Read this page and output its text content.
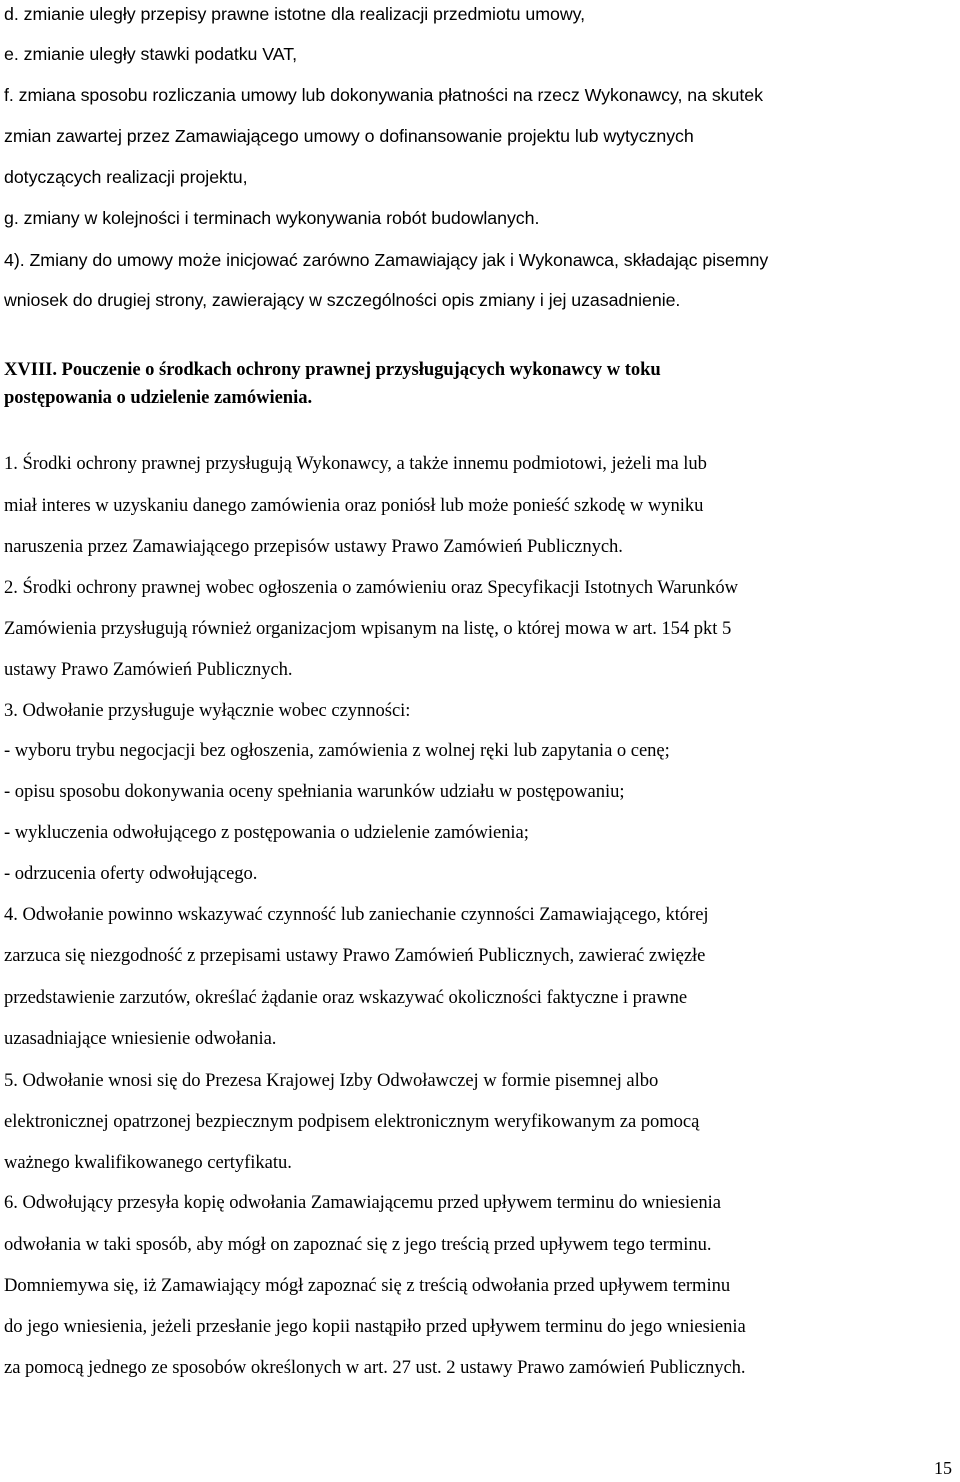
d. zmianie uległy przepisy prawne istotne dla realizacji przedmiotu umowy,
e. zmianie uległy stawki podatku VAT,
f. zmiana sposobu rozliczania umowy lub dokonywania płatności na rzecz Wykonawcy, na skutek
zmian zawartej przez Zamawiającego umowy o dofinansowanie projektu lub wytycznych
dotyczących realizacji projektu,
g. zmiany w kolejności i terminach wykonywania robót budowlanych.
4). Zmiany do umowy może inicjować zarówno Zamawiający jak i Wykonawca, składając pisemny
wniosek do drugiej strony, zawierający w szczególności opis zmiany i jej uzasadnienie.
XVIII. Pouczenie o środkach ochrony prawnej przysługujących wykonawcy w toku
postępowania o udzielenie zamówienia.
1. Środki ochrony prawnej przysługują Wykonawcy, a także innemu podmiotowi, jeżeli ma lub
miał interes w uzyskaniu danego zamówienia oraz poniósł lub może ponieść szkodę w wyniku
naruszenia przez Zamawiającego przepisów ustawy Prawo Zamówień Publicznych.
2. Środki ochrony prawnej wobec ogłoszenia o zamówieniu oraz Specyfikacji Istotnych Warunków
Zamówienia przysługują również organizacjom wpisanym na listę, o której mowa w art. 154 pkt 5
ustawy Prawo Zamówień Publicznych.
3. Odwołanie przysługuje wyłącznie wobec czynności:
- wyboru trybu negocjacji bez ogłoszenia, zamówienia z wolnej ręki lub zapytania o cenę;
- opisu sposobu dokonywania oceny spełniania warunków udziału w postępowaniu;
- wykluczenia odwołującego z postępowania o udzielenie zamówienia;
- odrzucenia oferty odwołującego.
4. Odwołanie powinno wskazywać czynność lub zaniechanie czynności Zamawiającego, której
zarzuca się niezgodność z przepisami ustawy Prawo Zamówień Publicznych, zawierać zwięzłe
przedstawienie zarzutów, określać żądanie oraz wskazywać okoliczności faktyczne i prawne
uzasadniające wniesienie odwołania.
5. Odwołanie wnosi się do Prezesa Krajowej Izby Odwoławczej w formie pisemnej albo
elektronicznej opatrzonej bezpiecznym podpisem elektronicznym weryfikowanym za pomocą
ważnego kwalifikowanego certyfikatu.
6. Odwołujący przesyła kopię odwołania Zamawiającemu przed upływem terminu do wniesienia
odwołania w taki sposób, aby mógł on zapoznać się z jego treścią przed upływem tego terminu.
Domniemywa się, iż Zamawiający mógł zapoznać się z treścią odwołania przed upływem terminu
do jego wniesienia, jeżeli przesłanie jego kopii nastąpiło przed upływem terminu do jego wniesienia
za pomocą jednego ze sposobów określonych w art. 27 ust. 2 ustawy Prawo zamówień Publicznych.
15
